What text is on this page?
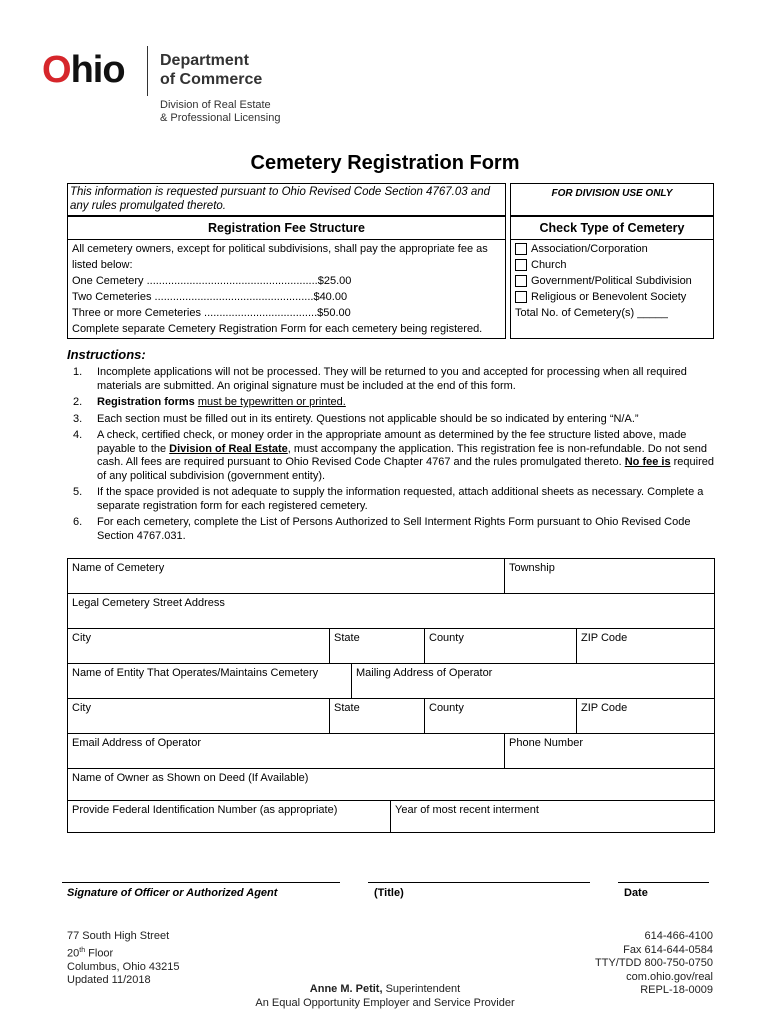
Ohio Department
of Commerce
Division of Real Estate
& Professional Licensing
Cemetery Registration Form
This information is requested pursuant to Ohio Revised Code Section 4767.03 and any rules promulgated thereto.
FOR DIVISION USE ONLY
Registration Fee Structure
All cemetery owners, except for political subdivisions, shall pay the appropriate fee as listed below:
One Cemetery ........................................................$25.00
Two Cemeteries ....................................................$40.00
Three or more Cemeteries .....................................$50.00
Complete separate Cemetery Registration Form for each cemetery being registered.
Check Type of Cemetery
Association/Corporation
Church
Government/Political Subdivision
Religious or Benevolent Society
Total No. of Cemetery(s) _____
Instructions:
1.	Incomplete applications will not be processed. They will be returned to you and accepted for processing when all required materials are submitted. An original signature must be included at the end of this form.
2.	Registration forms must be typewritten or printed.
3.	Each section must be filled out in its entirety. Questions not applicable should be so indicated by entering “N/A.”
4.	A check, certified check, or money order in the appropriate amount as determined by the fee structure listed above, made payable to the Division of Real Estate, must accompany the application. This registration fee is non-refundable. Do not send cash. All fees are required pursuant to Ohio Revised Code Chapter 4767 and the rules promulgated thereto. No fee is required of any political subdivision (government entity).
5.	If the space provided is not adequate to supply the information requested, attach additional sheets as necessary. Complete a separate registration form for each registered cemetery.
6.	For each cemetery, complete the List of Persons Authorized to Sell Interment Rights Form pursuant to Ohio Revised Code Section 4767.031.
Name of Cemetery	Township
Legal Cemetery Street Address
City	State	County	ZIP Code
Name of Entity That Operates/Maintains Cemetery	Mailing Address of Operator
City	State	County	ZIP Code
Email Address of Operator	Phone Number
Name of Owner as Shown on Deed (If Available)
Provide Federal Identification Number (as appropriate)	Year of most recent interment
Signature of Officer or Authorized Agent	(Title)	Date
77 South High Street
20th Floor
Columbus, Ohio 43215
Updated 11/2018
614-466-4100
Fax 614-644-0584
TTY/TDD 800-750-0750
com.ohio.gov/real
REPL-18-0009
Anne M. Petit, Superintendent
An Equal Opportunity Employer and Service Provider
